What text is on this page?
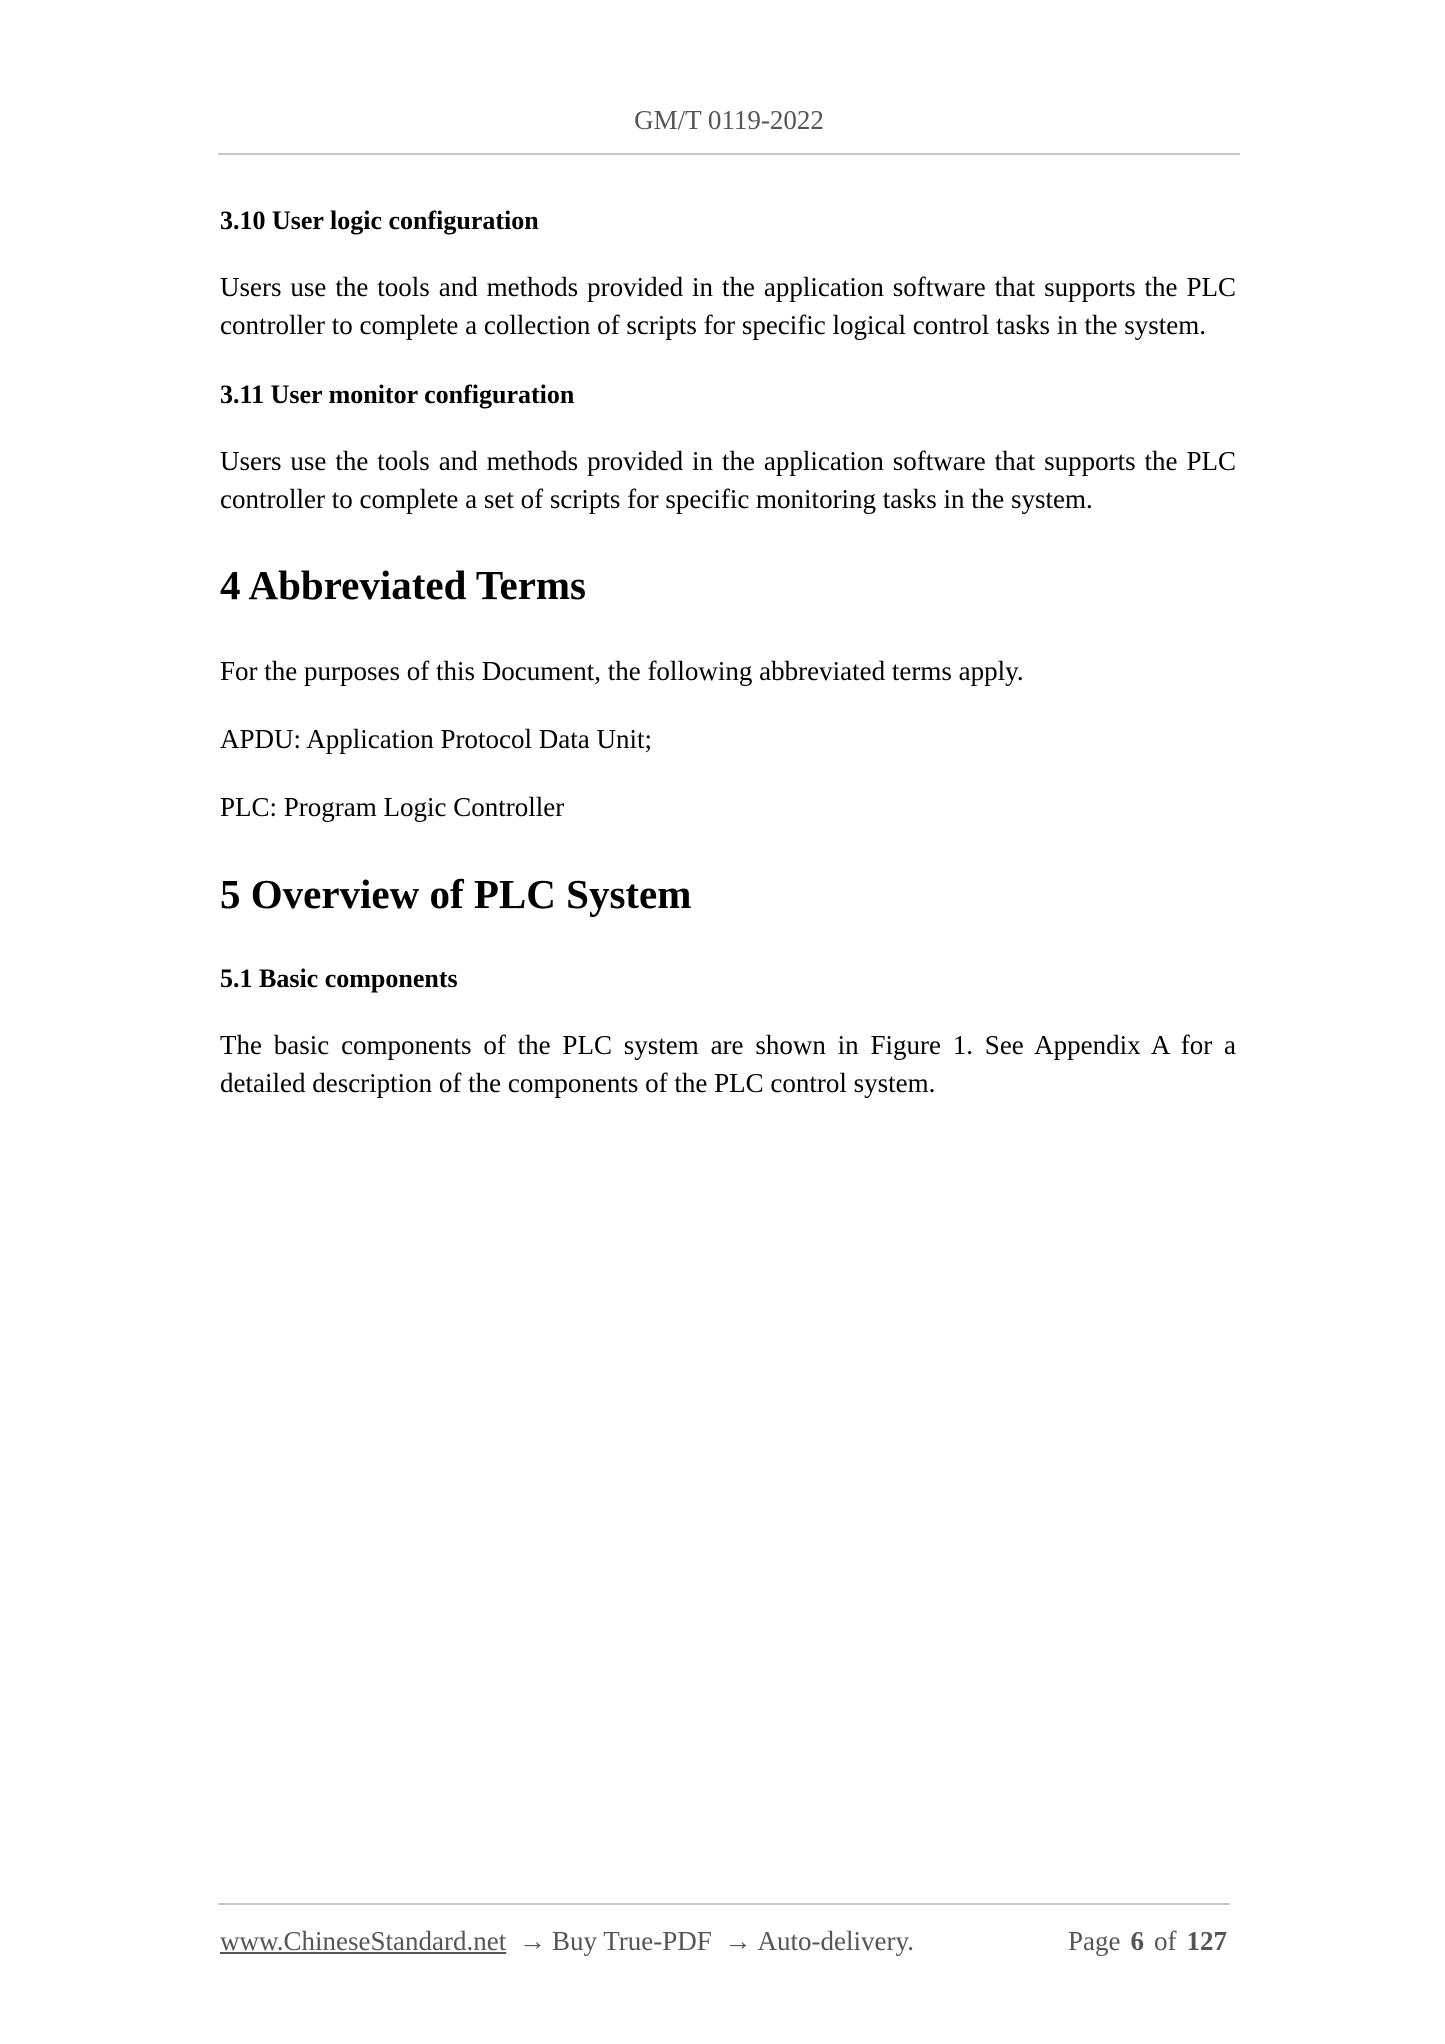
GM/T 0119-2022

3.10 User logic configuration

Users use the tools and methods provided in the application software that supports the PLC controller to complete a collection of scripts for specific logical control tasks in the system.

3.11 User monitor configuration

Users use the tools and methods provided in the application software that supports the PLC controller to complete a set of scripts for specific monitoring tasks in the system.

4 Abbreviated Terms

For the purposes of this Document, the following abbreviated terms apply.

APDU: Application Protocol Data Unit;

PLC: Program Logic Controller

5 Overview of PLC System

5.1 Basic components

The basic components of the PLC system are shown in Figure 1. See Appendix A for a detailed description of the components of the PLC control system.

www.ChineseStandard.net → Buy True-PDF → Auto-delivery.	Page 6 of 127
